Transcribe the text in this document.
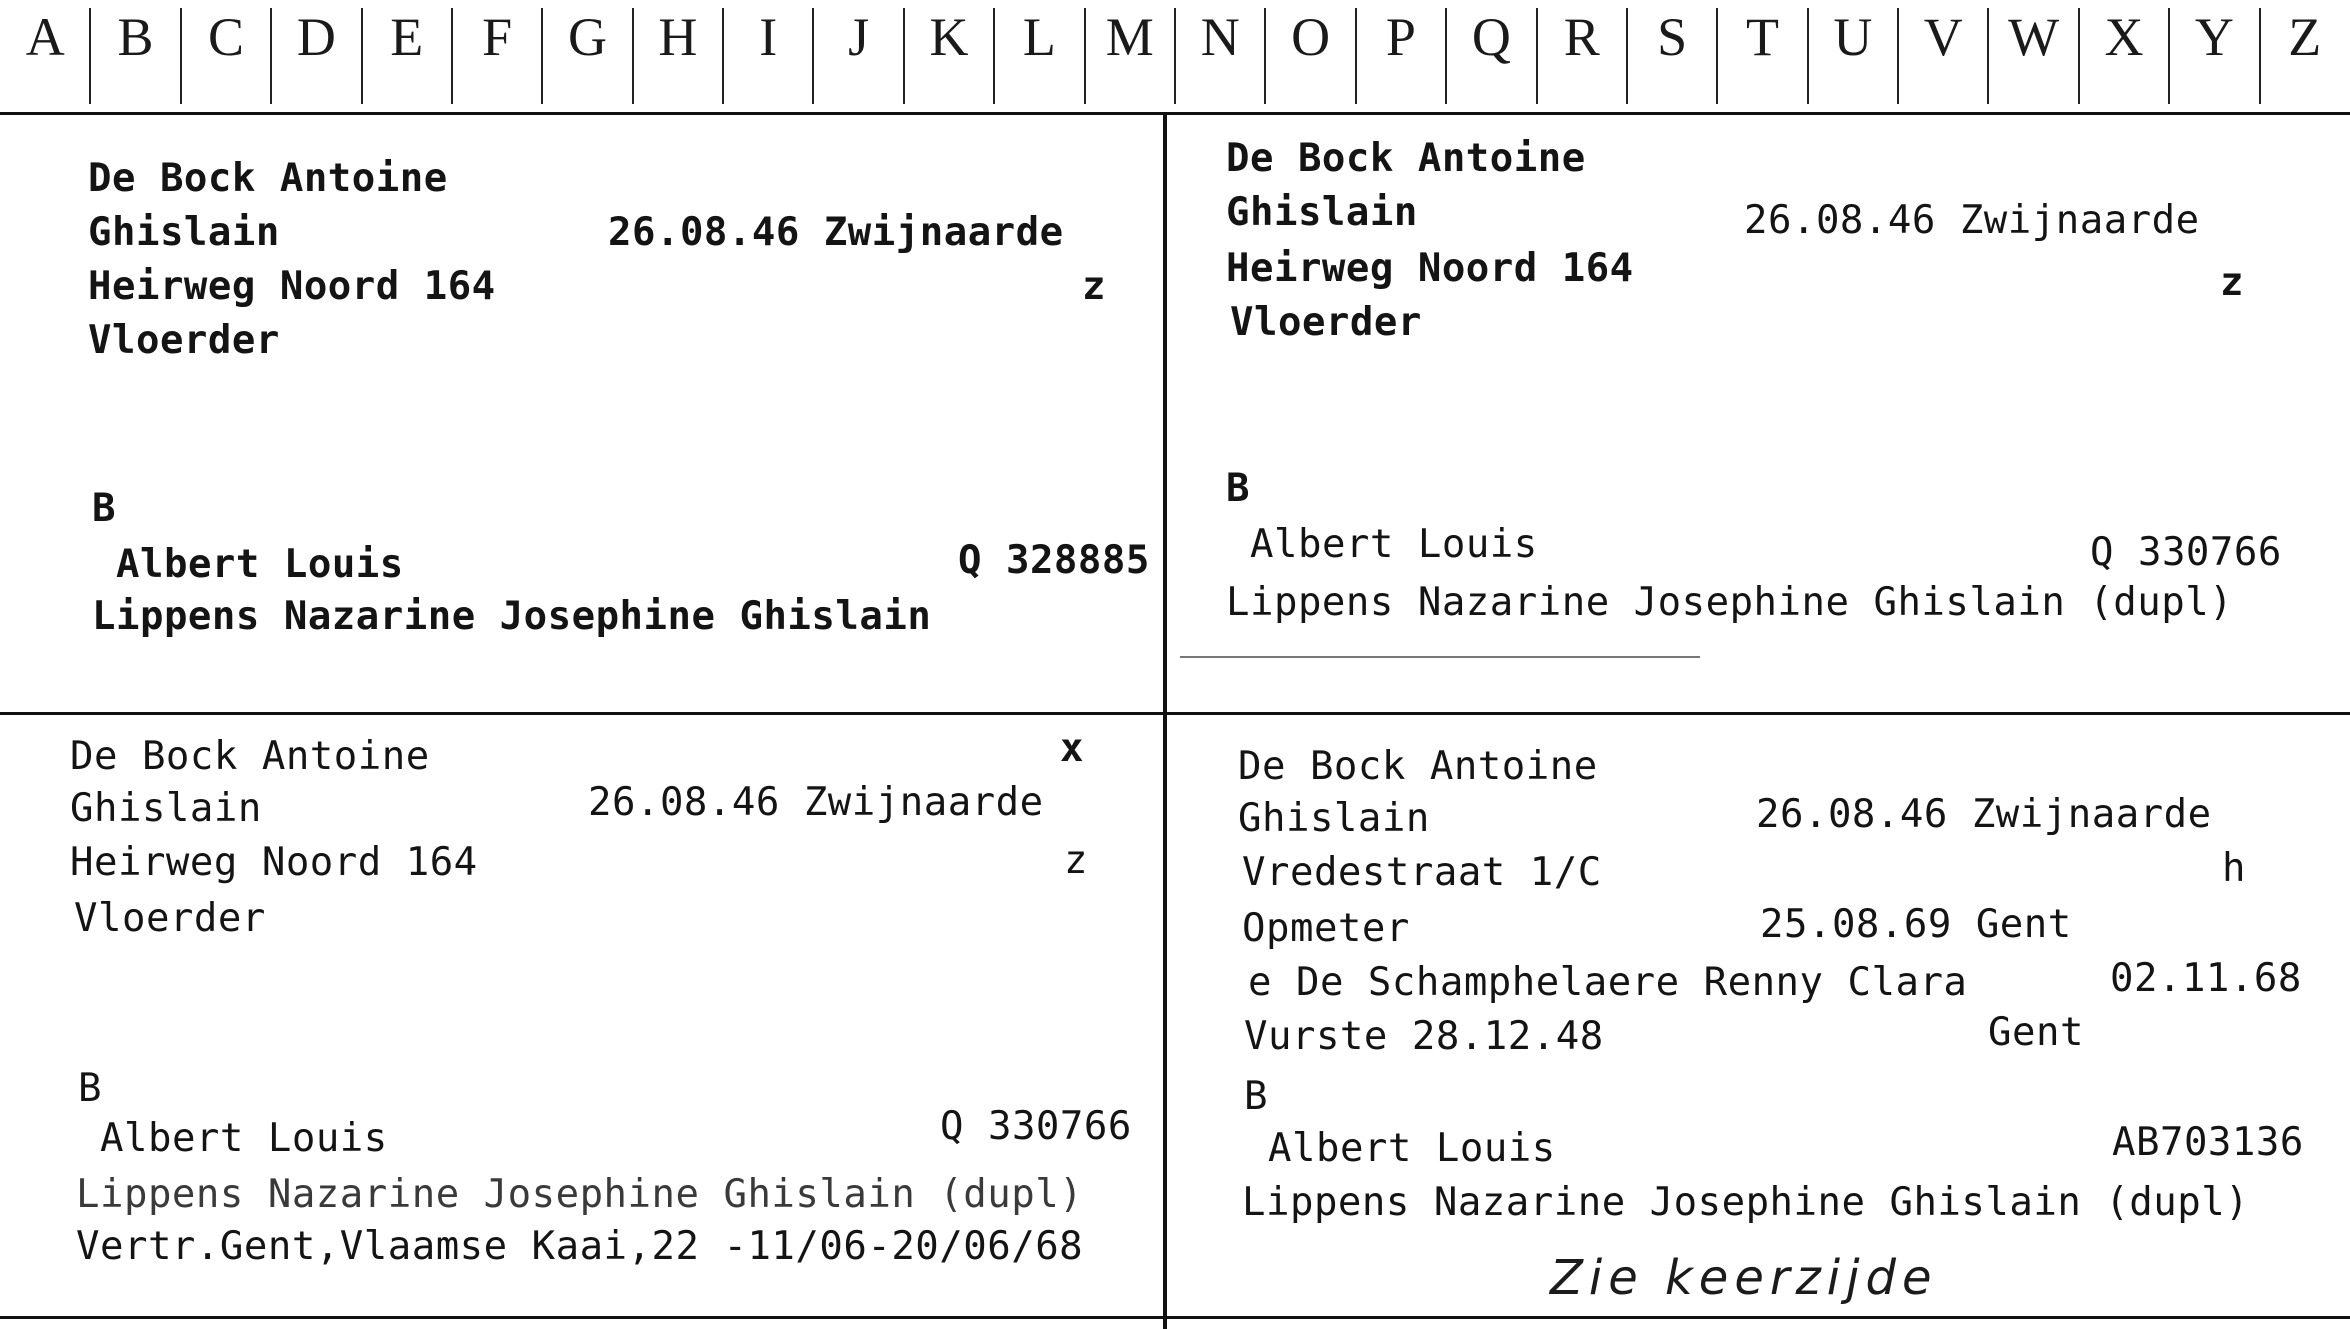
A B	C D	E	F	G H	I	J	K	L M N O	P	Q R	S	T	U V W X Y	Z
De Bock Antoine
Ghislain	26.08.46 Zwijnaarde
Heirweg Noord 164	z
Vloerder
B
Albert Louis	Q 328885
Lippens Nazarine Josephine Ghislain
De Bock Antoine
Ghislain	26.08.46 Zwijnaarde
Heirweg Noord 164	z
Vloerder
B
Albert Louis	Q 330766
Lippens Nazarine Josephine Ghislain (dupl)
De Bock Antoine	x
Ghislain	26.08.46 Zwijnaarde
Heirweg Noord 164	z
Vloerder
B
Albert Louis	Q 330766
Lippens Nazarine Josephine Ghislain (dupl)
Vertr.Gent,Vlaamse Kaai,22 -11/06-20/06/68
De Bock Antoine
Ghislain	26.08.46 Zwijnaarde
Vredestraat 1/C	h
Opmeter	25.08.69 Gent
e De Schamphelaere Renny Clara	02.11.68
Vurste 28.12.48	Gent
B
Albert Louis	AB703136
Lippens Nazarine Josephine Ghislain (dupl)
Zie keerzijde
